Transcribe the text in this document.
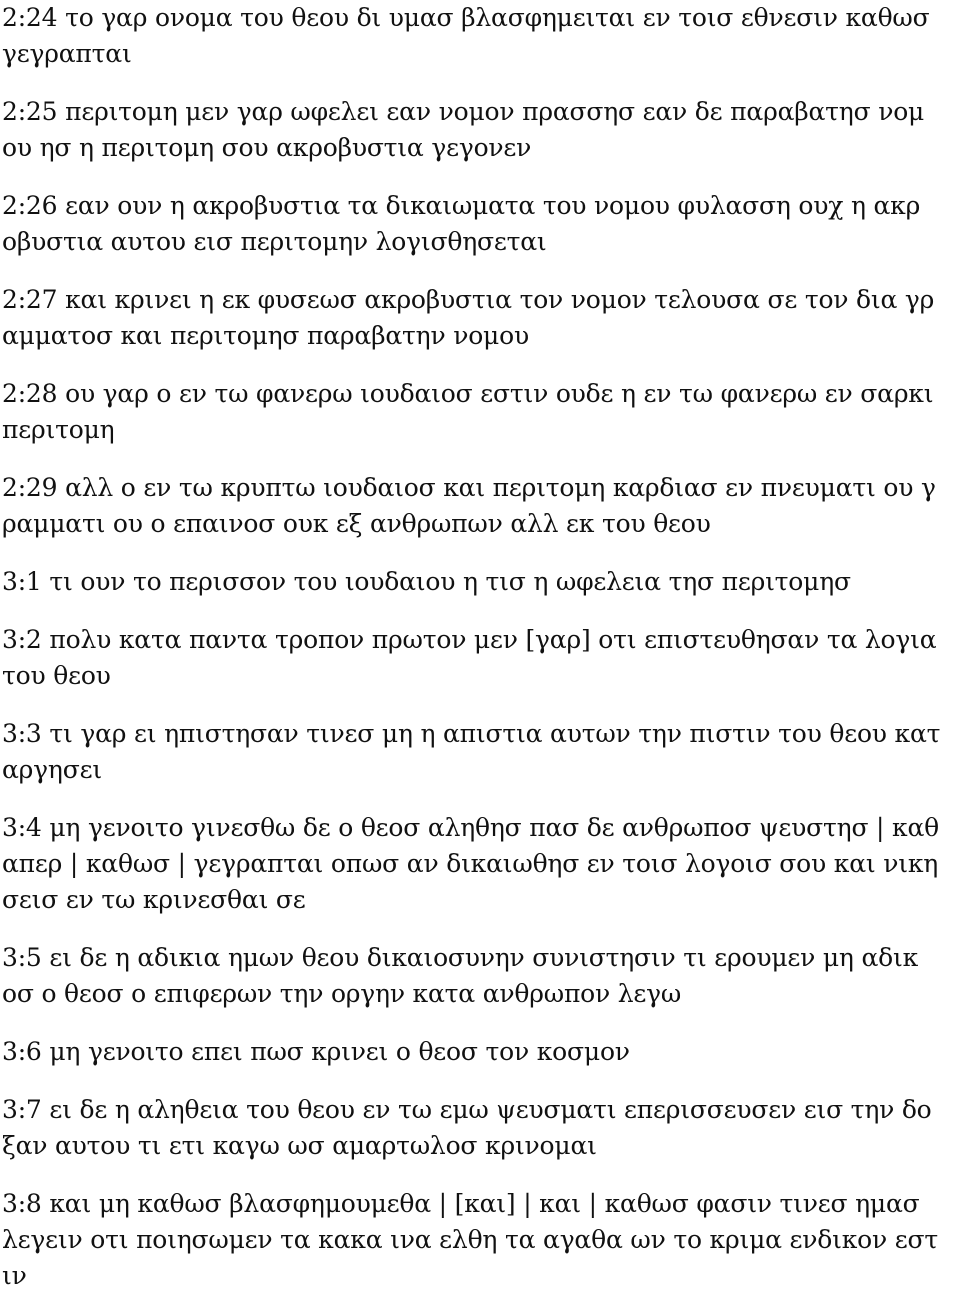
2:24 το γαρ ονομα του θεου δι υμασ βλασφημειται εν τοισ εθνεσιν καθωσ
γεγραπται
2:25 περιτομη μεν γαρ ωφελει εαν νομον πρασσησ εαν δε παραβατησ νομ
ου ησ η περιτομη σου ακροβυστια γεγονεν
2:26 εαν ουν η ακροβυστια τα δικαιωματα του νομου φυλασση ουχ η ακρ
οβυστια αυτου εισ περιτομην λογισθησεται
2:27 και κρινει η εκ φυσεωσ ακροβυστια τον νομον τελουσα σε τον δια γρ
αμματοσ και περιτομησ παραβατην νομου
2:28 ου γαρ ο εν τω φανερω ιουδαιοσ εστιν ουδε η εν τω φανερω εν σαρκι
περιτομη
2:29 αλλ ο εν τω κρυπτω ιουδαιοσ και περιτομη καρδιασ εν πνευματι ου γ
ραμματι ου ο επαινοσ ουκ εξ ανθρωπων αλλ εκ του θεου
3:1 τι ουν το περισσον του ιουδαιου η τισ η ωφελεια τησ περιτομησ
3:2 πολυ κατα παντα τροπον πρωτον μεν [γαρ] οτι επιστευθησαν τα λογια
του θεου
3:3 τι γαρ ει ηπιστησαν τινεσ μη η απιστια αυτων την πιστιν του θεου κατ
αργησει
3:4 μη γενοιτο γινεσθω δε ο θεοσ αληθησ πασ δε ανθρωποσ ψευστησ | καθ
απερ | καθωσ | γεγραπται οπωσ αν δικαιωθησ εν τοισ λογοισ σου και νικη
σεισ εν τω κρινεσθαι σε
3:5 ει δε η αδικια ημων θεου δικαιοσυνην συνιστησιν τι ερουμεν μη αδικ
οσ ο θεοσ ο επιφερων την οργην κατα ανθρωπον λεγω
3:6 μη γενοιτο επει πωσ κρινει ο θεοσ τον κοσμον
3:7 ει δε η αληθεια του θεου εν τω εμω ψευσματι επερισσευσεν εισ την δο
ξαν αυτου τι ετι καγω ωσ αμαρτωλοσ κρινομαι
3:8 και μη καθωσ βλασφημουμεθα | [και] | και | καθωσ φασιν τινεσ ημασ
λεγειν οτι ποιησωμεν τα κακα ινα ελθη τα αγαθα ων το κριμα ενδικον εστ
ιν
